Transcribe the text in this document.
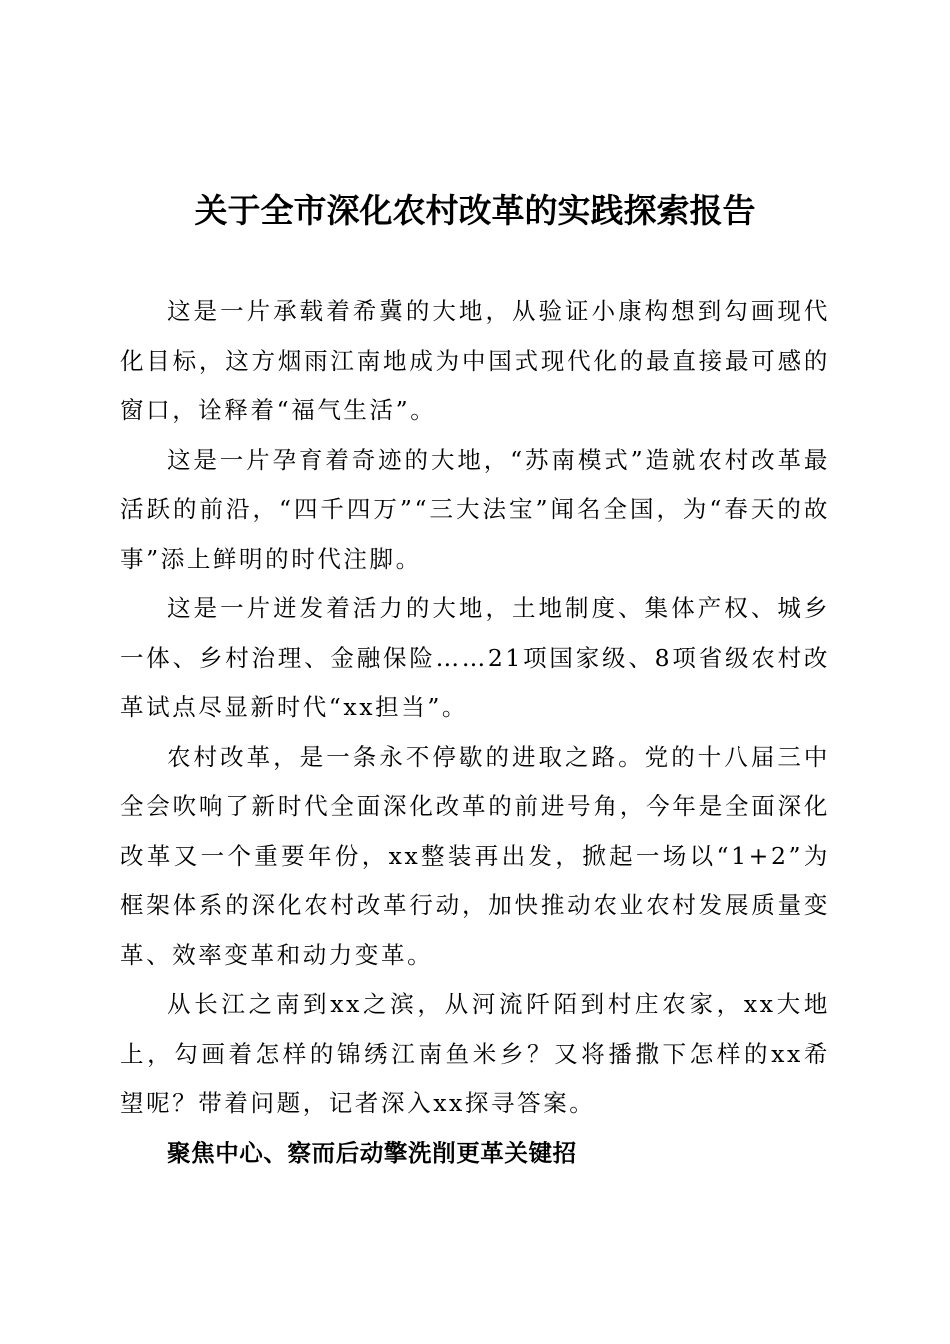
关于全市深化农村改革的实践探索报告

这是一片承载着希冀的大地，从验证小康构想到勾画现代化目标，这方烟雨江南地成为中国式现代化的最直接最可感的窗口，诠释着“福气生活”。

这是一片孕育着奇迹的大地，“苏南模式”造就农村改革最活跃的前沿，“四千四万”“三大法宝”闻名全国，为“春天的故事”添上鲜明的时代注脚。

这是一片迸发着活力的大地，土地制度、集体产权、城乡一体、乡村治理、金融保险……21项国家级、8项省级农村改革试点尽显新时代“xx担当”。

农村改革，是一条永不停歇的进取之路。党的十八届三中全会吹响了新时代全面深化改革的前进号角，今年是全面深化改革又一个重要年份，xx整装再出发，掀起一场以“1+2”为框架体系的深化农村改革行动，加快推动农业农村发展质量变革、效率变革和动力变革。

从长江之南到xx之滨，从河流阡陌到村庄农家，xx大地上，勾画着怎样的锦绣江南鱼米乡？又将播撒下怎样的xx希望呢？带着问题，记者深入xx探寻答案。

聚焦中心、察而后动擎洗削更革关键招
